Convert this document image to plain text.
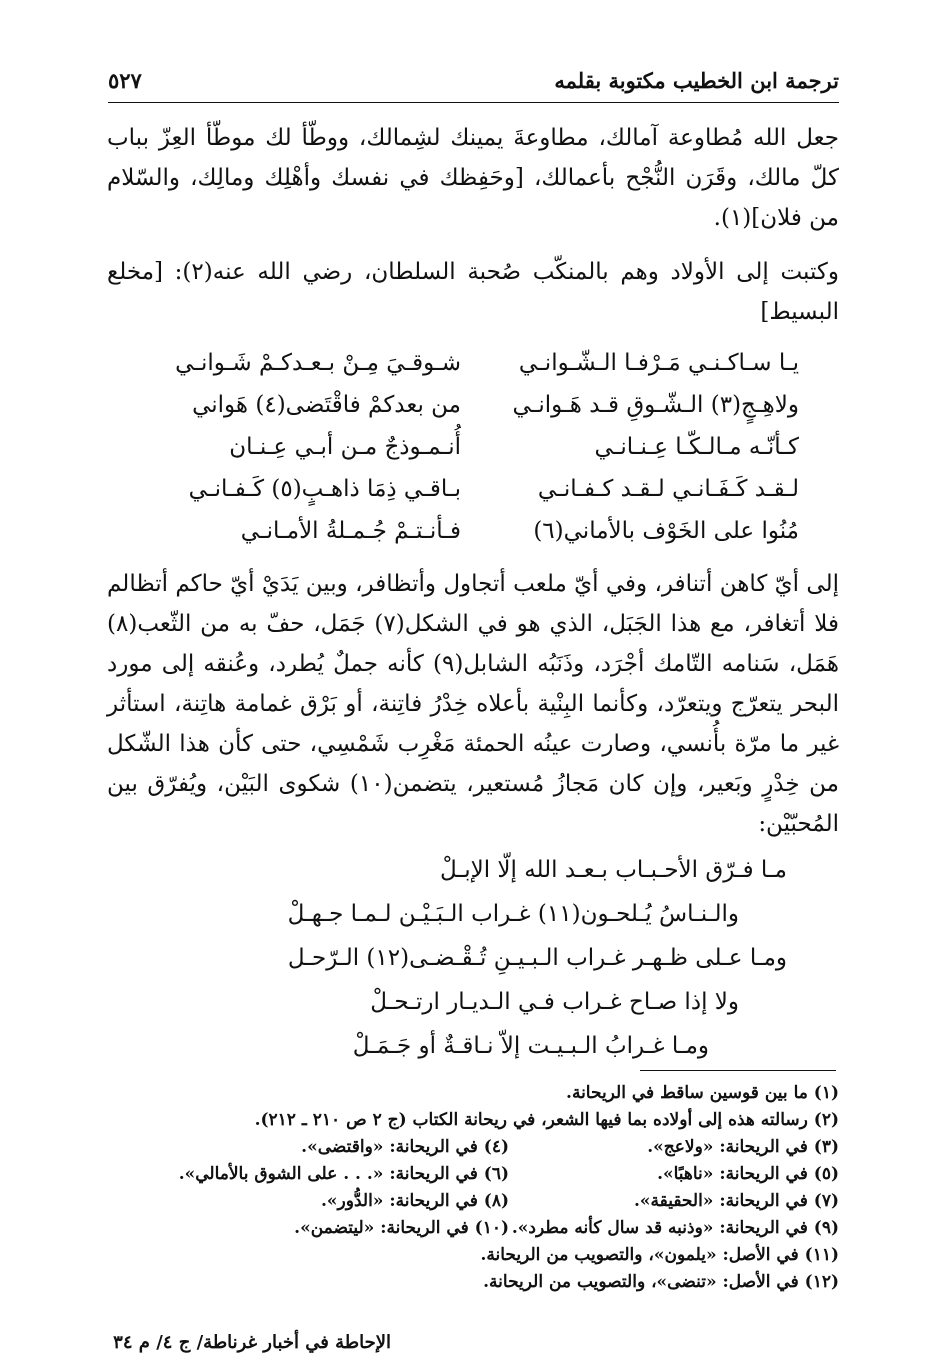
ترجمة ابن الخطيب مكتوبة بقلمه
٥٢٧

جعل الله مُطاوعة آمالك، مطاوعةَ يمينك لشِمالك، ووطّأ لك موطّأ العِزّ بباب كلّ مالك، وقَرَن النُّجْح بأعمالك، [وحَفِظك في نفسك وأهْلِك ومالِك، والسّلام من فلان](١).

وكتبت إلى الأولاد وهم بالمنكّب صُحبة السلطان، رضي الله عنه(٢): [مخلع البسيط]

يـا سـاكـنـي مَـرْفـا الـشّـوانـي
شـوقـيَ مِـنْ بـعـدكـمْ شَـوانـي
ولاهِـجٍ(٣) الـشّـوقِ قـد هَـوانـي
من بعدكمْ فاقْتَضى(٤) هَواني
كـأنّـه مـالـكّـا عِـنـانـي
أُنـمـوذجٌ مـن أبـي عِـنـان
لـقـد كَـفَـانـي لـقـد كـفـانـي
بـاقـي ذِمَا ذاهـبٍ(٥) كَـفـانـي
مُنُوا على الخَوْف بالأماني(٦)
فـأنـتـمْ جُـمـلةُ الأمـانـي

إلى أيّ كاهن أتنافر، وفي أيّ ملعب أتجاول وأتظافر، وبين يَدَيْ أيّ حاكم أتظالم فلا أتغافر، مع هذا الجَبَل، الذي هو في الشكل(٧) جَمَل، حفّ به من الثّعب(٨) هَمَل، سَنامه التّامك أجْرَد، وذَنَبُه الشابل(٩) كأنه جملٌ يُطرد، وعُنقه إلى مورد البحر يتعرّج ويتعرّد، وكأنما البِنْية بأعلاه خِدْرُ فاتِنة، أو بَرْق غمامة هاتِنة، استأثر غير ما مرّة بأُنسي، وصارت عينُه الحمئة مَغْرِب شَمْسِي، حتى كأن هذا الشّكل من خِدْرٍ وبَعير، وإن كان مَجازُ مُستعير، يتضمن(١٠) شكوى البَيْن، ويُفرّق بين المُحبّيْن:

مـا فـرّق الأحـبـاب بـعـد الله إلّا الإبـلْ
والـنـاسُ يُـلحـون(١١) غـراب الـبَـيْـن لـمـا جـهـلْ
ومـا عـلى ظـهـر غـراب الـبـيـنِ تُـقْـضـى(١٢) الـرّحـل
ولا إذا صـاح غـراب فـي الـديـار ارتـحـلْ
ومـا غـرابُ الـبـيـت إلاّ نـاقـةٌ أو جَـمَـلْ
(١) ما بين قوسين ساقط في الريحانة.
(٢) رسالته هذه إلى أولاده بما فيها الشعر، في ريحانة الكتاب (ج ٢ ص ٢١٠ ـ ٢١٢).
(٣) في الريحانة: «ولاعج».
(٤) في الريحانة: «واقتضى».
(٥) في الريحانة: «ناهبًا».
(٦) في الريحانة: «. . . على الشوق بالأمالي».
(٧) في الريحانة: «الحقيقة».
(٨) في الريحانة: «الدُّور».
(٩) في الريحانة: «وذنبه قد سال كأنه مطرد».
(١٠) في الريحانة: «ليتضمن».
(١١) في الأصل: «يلمون»، والتصويب من الريحانة.
(١٢) في الأصل: «تنضى»، والتصويب من الريحانة.
الإحاطة في أخبار غرناطة/ ج ٤/ م ٣٤
